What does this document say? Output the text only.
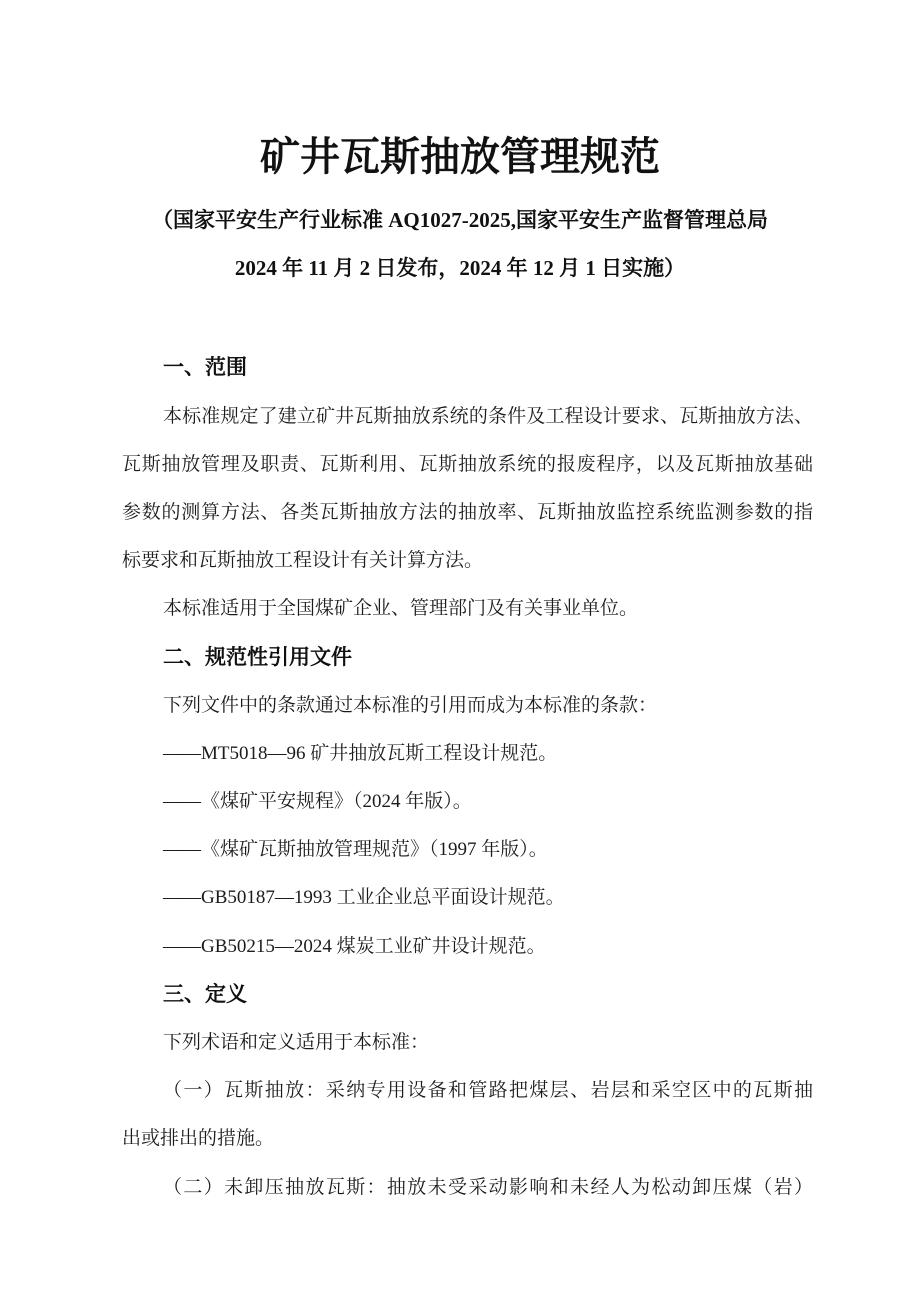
矿井瓦斯抽放管理规范
（国家平安生产行业标准 AQ1027-2025,国家平安生产监督管理总局
2024 年 11 月 2 日发布，2024 年 12 月 1 日实施）
一、范围
本标准规定了建立矿井瓦斯抽放系统的条件及工程设计要求、瓦斯抽放方法、
瓦斯抽放管理及职责、瓦斯利用、瓦斯抽放系统的报废程序，以及瓦斯抽放基础
参数的测算方法、各类瓦斯抽放方法的抽放率、瓦斯抽放监控系统监测参数的指
标要求和瓦斯抽放工程设计有关计算方法。
本标准适用于全国煤矿企业、管理部门及有关事业单位。
二、规范性引用文件
下列文件中的条款通过本标准的引用而成为本标准的条款：
——MT5018—96 矿井抽放瓦斯工程设计规范。
——《煤矿平安规程》（2024 年版）。
——《煤矿瓦斯抽放管理规范》（1997 年版）。
——GB50187—1993 工业企业总平面设计规范。
——GB50215—2024 煤炭工业矿井设计规范。
三、定义
下列术语和定义适用于本标准：
（一）瓦斯抽放：采纳专用设备和管路把煤层、岩层和采空区中的瓦斯抽
出或排出的措施。
（二）未卸压抽放瓦斯：抽放未受采动影响和未经人为松动卸压煤（岩）
